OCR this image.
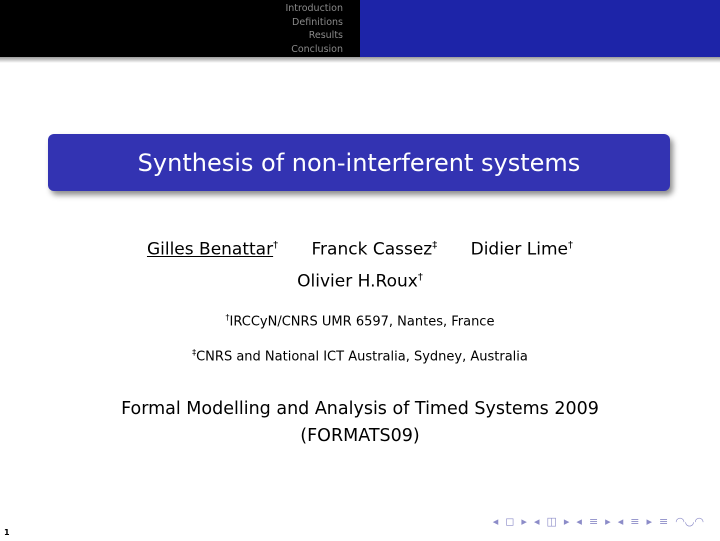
Introduction
Definitions
Results
Conclusion
Synthesis of non-interferent systems
Gilles Benattar† Franck Cassez‡ Didier Lime†
Olivier H.Roux†
†IRCCyN/CNRS UMR 6597, Nantes, France
‡CNRS and National ICT Australia, Sydney, Australia
Formal Modelling and Analysis of Timed Systems 2009
(FORMATS09)
1
◂ ◻ ▸ ◂ ◫ ▸ ◂ ≡ ▸ ◂ ≡ ▸ ≡ ◠◡◠
